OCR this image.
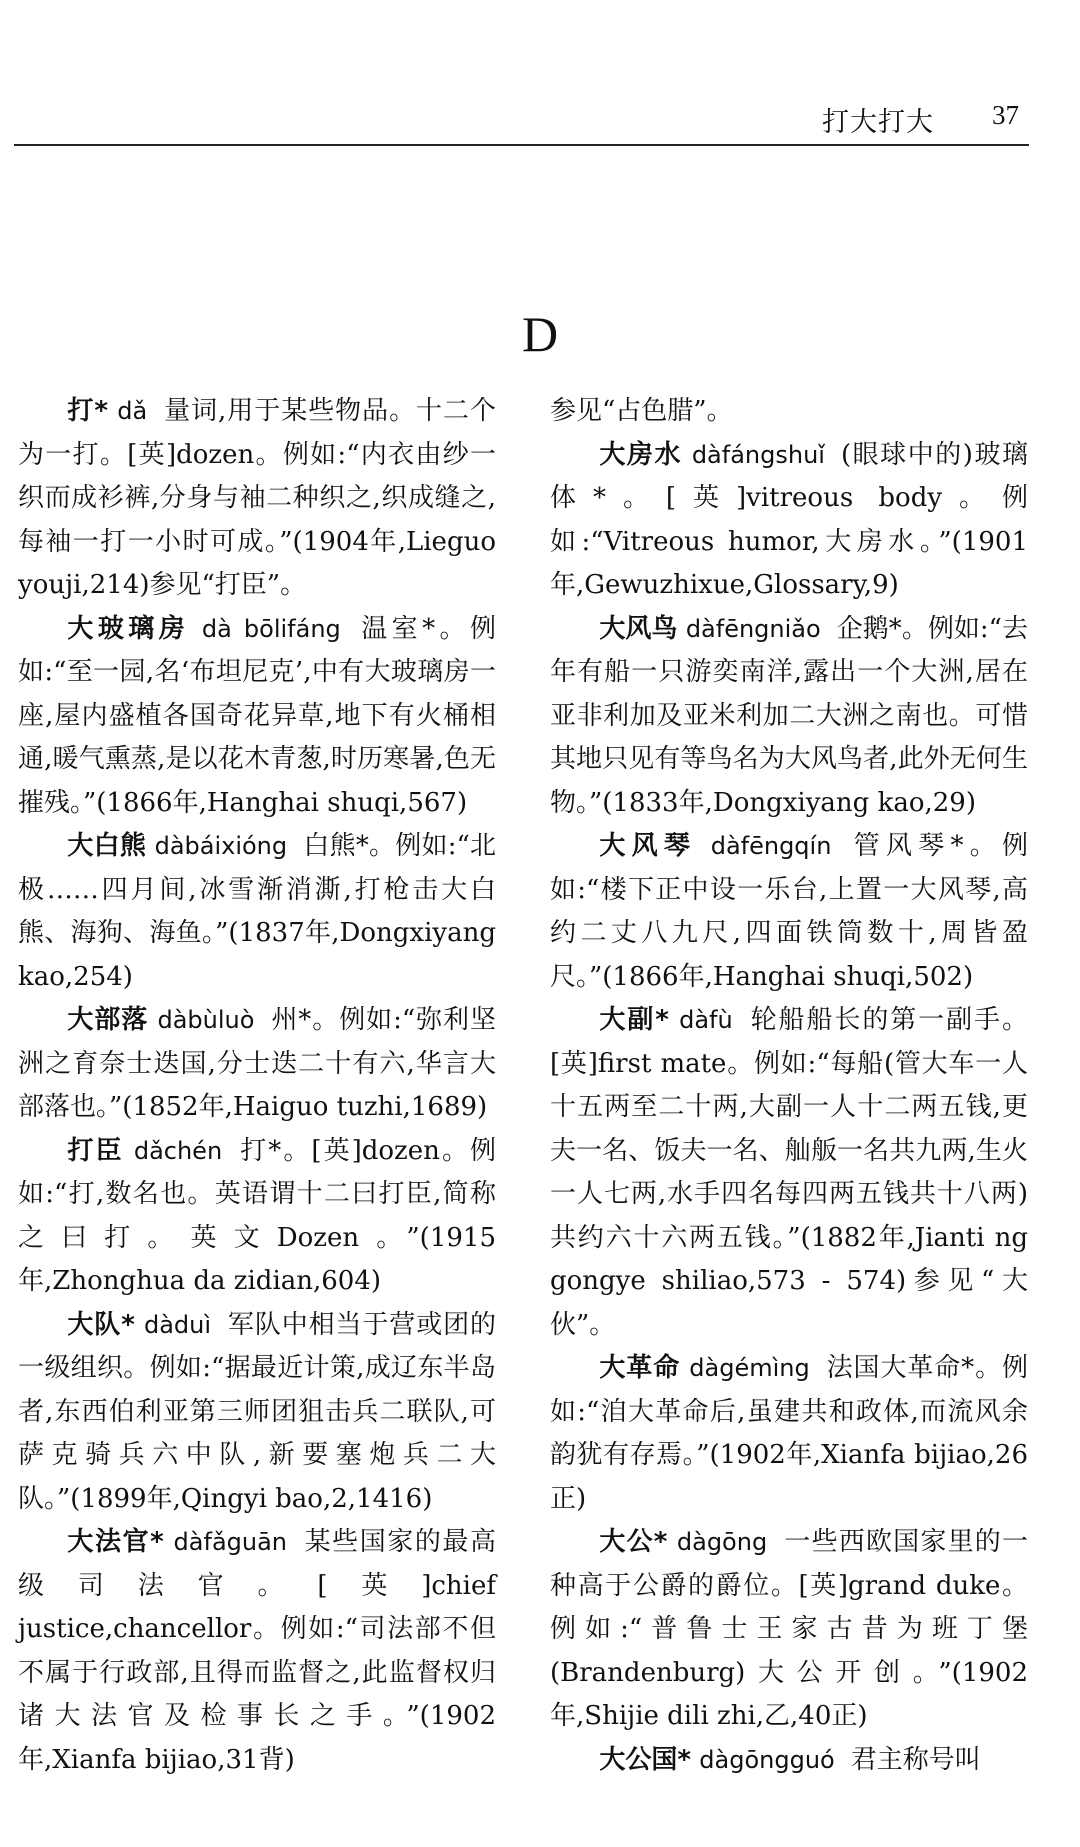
打大打大 37
D

打* dǎ 量词,用于某些物品。十二个为一打。[英]dozen。例如:“内衣由纱一织而成衫裤,分身与袖二种织之,织成缝之,每袖一打一小时可成。”(1904年,Lieguo youji,214)参见“打臣”。

大玻璃房 dà bōlifáng 温室*。例如:“至一园,名‘布坦尼克’,中有大玻璃房一座,屋内盛植各国奇花异草,地下有火桶相通,暖气熏蒸,是以花木青葱,时历寒暑,色无摧残。”(1866年,Hanghai shuqi,567)

大白熊 dàbáixióng 白熊*。例如:“北极……四月间,冰雪渐消澌,打枪击大白熊、海狗、海鱼。”(1837年,Dongxiyang kao,254)

大部落 dàbùluò 州*。例如:“弥利坚洲之育奈士迭国,分士迭二十有六,华言大部落也。”(1852年,Haiguo tuzhi,1689)

打臣 dǎchén 打*。[英]dozen。例如:“打,数名也。英语谓十二曰打臣,简称之曰打。英文Dozen。”(1915年,Zhonghua da zidian,604)

大队* dàduì 军队中相当于营或团的一级组织。例如:“据最近计策,成辽东半岛者,东西伯利亚第三师团狙击兵二联队,可萨克骑兵六中队,新要塞炮兵二大队。”(1899年,Qingyi bao,2,1416)

大法官* dàfǎguān 某些国家的最高级司法官。[英]chief justice,chancellor。例如:“司法部不但不属于行政部,且得而监督之,此监督权归诸大法官及检事长之手。”(1902年,Xianfa bijiao,31背)

参见“占色腊”。

大房水 dàfángshuǐ (眼球中的)玻璃体*。[英]vitreous body。例如:“Vitreous humor,大房水。”(1901年,Gewuzhixue,Glossary,9)

大风鸟 dàfēngniǎo 企鹅*。例如:“去年有船一只游奕南洋,露出一个大洲,居在亚非利加及亚米利加二大洲之南也。可惜其地只见有等鸟名为大风鸟者,此外无何生物。”(1833年,Dongxiyang kao,29)

大风琴 dàfēngqín 管风琴*。例如:“楼下正中设一乐台,上置一大风琴,高约二丈八九尺,四面铁筒数十,周皆盈尺。”(1866年,Hanghai shuqi,502)

大副* dàfù 轮船船长的第一副手。[英]first mate。例如:“每船(管大车一人十五两至二十两,大副一人十二两五钱,更夫一名、饭夫一名、舢舨一名共九两,生火一人七两,水手四名每四两五钱共十八两)共约六十六两五钱。”(1882年,Jianti ng gongye shiliao,573 - 574)参见“大伙”。

大革命 dàgémìng 法国大革命*。例如:“洎大革命后,虽建共和政体,而流风余韵犹有存焉。”(1902年,Xianfa bijiao,26正)

大公* dàgōng 一些西欧国家里的一种高于公爵的爵位。[英]grand duke。例如:“普鲁士王家古昔为班丁堡(Brandenburg)大公开创。”(1902年,Shijie dili zhi,乙,40正)

大公国* dàgōngguó 君主称号叫
